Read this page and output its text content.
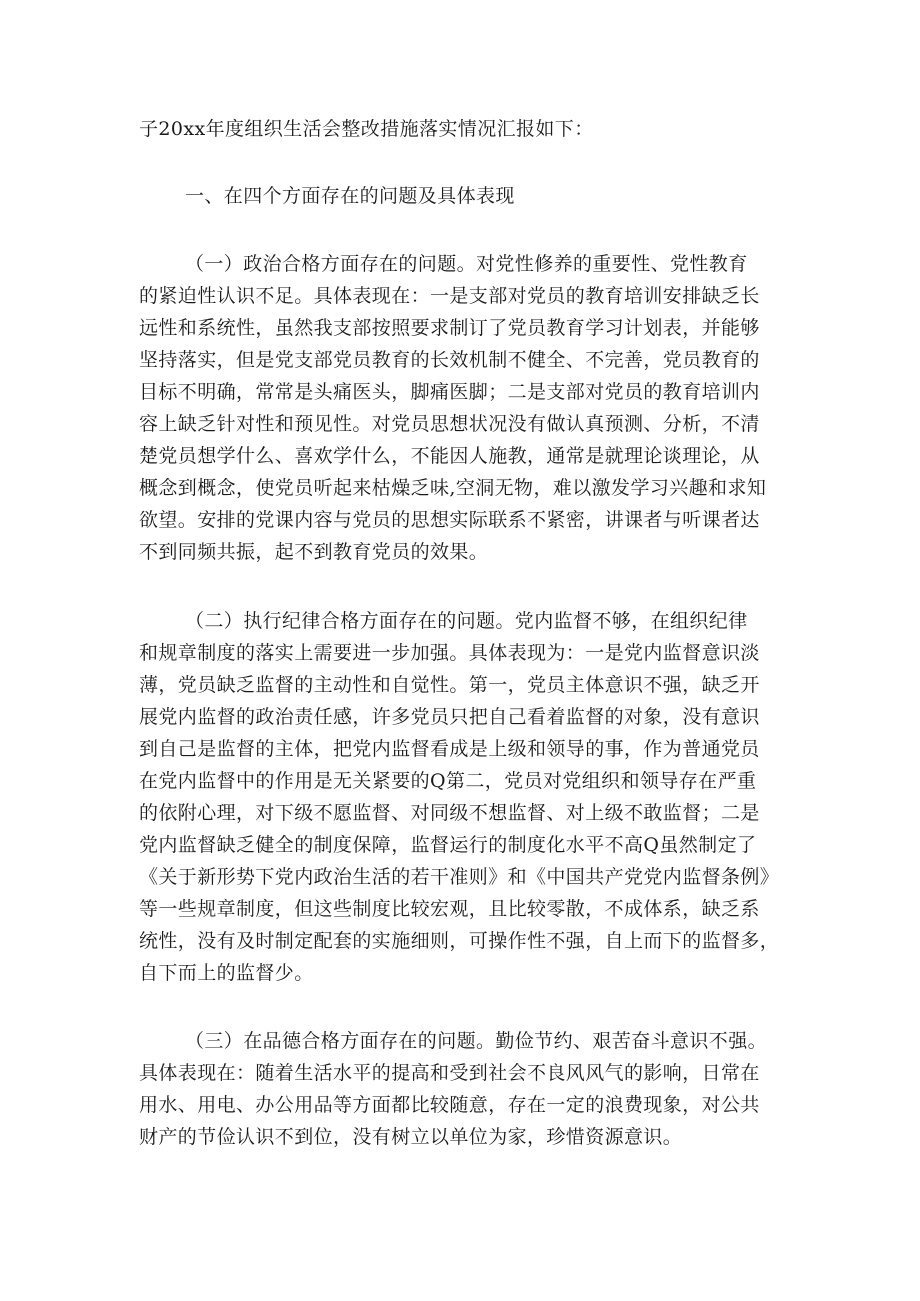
子20xx年度组织生活会整改措施落实情况汇报如下：
一、在四个方面存在的问题及具体表现
（一）政治合格方面存在的问题。对党性修养的重要性、党性教育
的紧迫性认识不足。具体表现在：一是支部对党员的教育培训安排缺乏长
远性和系统性，虽然我支部按照要求制订了党员教育学习计划表，并能够
坚持落实，但是党支部党员教育的长效机制不健全、不完善，党员教育的
目标不明确，常常是头痛医头，脚痛医脚；二是支部对党员的教育培训内
容上缺乏针对性和预见性。对党员思想状况没有做认真预测、分析，不清
楚党员想学什么、喜欢学什么，不能因人施教，通常是就理论谈理论，从
概念到概念，使党员听起来枯燥乏味,空洞无物，难以激发学习兴趣和求知
欲望。安排的党课内容与党员的思想实际联系不紧密，讲课者与听课者达
不到同频共振，起不到教育党员的效果。
（二）执行纪律合格方面存在的问题。党内监督不够，在组织纪律
和规章制度的落实上需要进一步加强。具体表现为：一是党内监督意识淡
薄，党员缺乏监督的主动性和自觉性。第一，党员主体意识不强，缺乏开
展党内监督的政治责任感，许多党员只把自己看着监督的对象，没有意识
到自己是监督的主体，把党内监督看成是上级和领导的事，作为普通党员
在党内监督中的作用是无关紧要的Q第二，党员对党组织和领导存在严重
的依附心理，对下级不愿监督、对同级不想监督、对上级不敢监督；二是
党内监督缺乏健全的制度保障，监督运行的制度化水平不高Q虽然制定了
《关于新形势下党内政治生活的若干准则》和《中国共产党党内监督条例》
等一些规章制度，但这些制度比较宏观，且比较零散，不成体系，缺乏系
统性，没有及时制定配套的实施细则，可操作性不强，自上而下的监督多，
自下而上的监督少。
（三）在品德合格方面存在的问题。勤俭节约、艰苦奋斗意识不强。
具体表现在：随着生活水平的提高和受到社会不良风风气的影响，日常在
用水、用电、办公用品等方面都比较随意，存在一定的浪费现象，对公共
财产的节俭认识不到位，没有树立以单位为家，珍惜资源意识。
